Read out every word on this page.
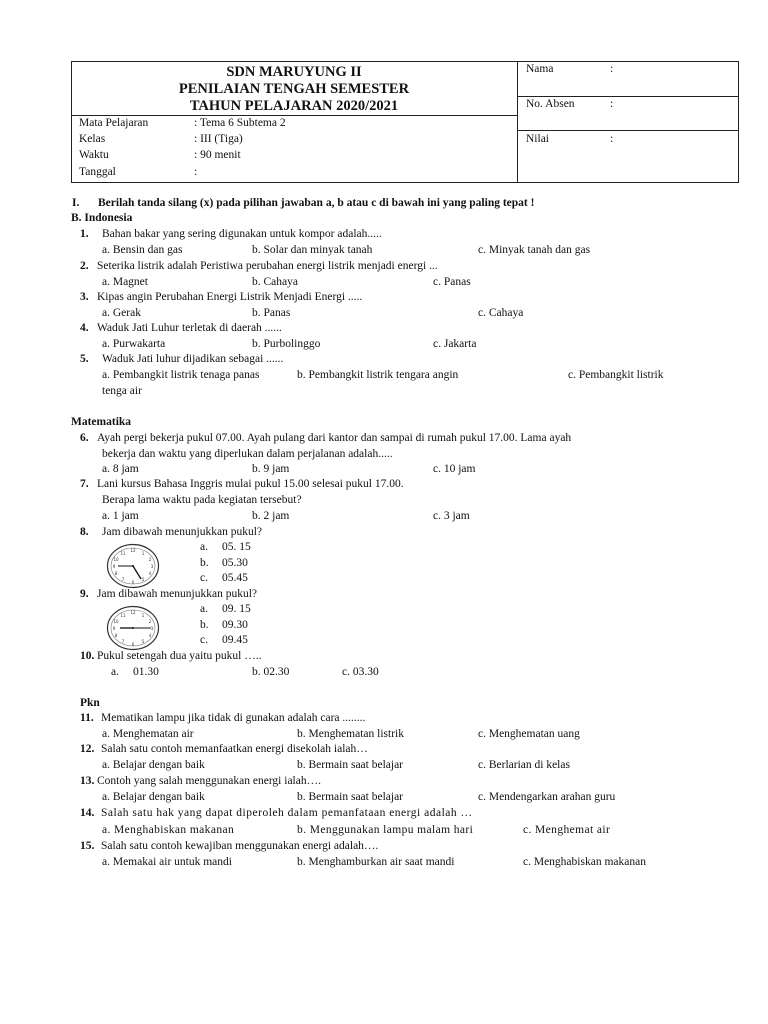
SDN MARUYUNG II
PENILAIAN TENGAH SEMESTER
TAHUN PELAJARAN 2020/2021
Mata Pelajaran	: Tema 6 Subtema 2
Kelas	: III (Tiga)
Waktu	: 90 menit
Tanggal	:
Nama	:
No. Absen	:
Nilai	:
I. Berilah tanda silang (x) pada pilihan jawaban a, b atau c di bawah ini yang paling tepat !
B. Indonesia
1. Bahan bakar yang sering digunakan untuk kompor adalah.....
a. Bensin dan gas	b. Solar dan minyak tanah	c. Minyak tanah dan gas
2. Seterika listrik adalah Peristiwa perubahan energi listrik menjadi energi ...
a. Magnet	b. Cahaya	c. Panas
3. Kipas angin Perubahan Energi Listrik Menjadi Energi .....
a. Gerak	b. Panas	c. Cahaya
4. Waduk Jati Luhur terletak di daerah ......
a. Purwakarta	b. Purbolinggo	c. Jakarta
5. Waduk Jati luhur dijadikan sebagai ......
a. Pembangkit listrik tenaga panas	b. Pembangkit listrik tengara angin	c. Pembangkit listrik
tenga air
Matematika
6. Ayah pergi bekerja pukul 07.00. Ayah pulang dari kantor dan sampai di rumah pukul 17.00. Lama ayah
bekerja dan waktu yang diperlukan dalam perjalanan adalah.....
a. 8 jam	b. 9 jam	c. 10 jam
7. Lani kursus Bahasa Inggris mulai pukul 15.00 selesai pukul 17.00.
Berapa lama waktu pada kegiatan tersebut?
a. 1 jam	b. 2 jam	c. 3 jam
8. Jam dibawah menunjukkan pukul?
12
1
2
3
4
5
6
7
8
9
10
11
a. 05. 15
b. 05.30
c. 05.45
9. Jam dibawah menunjukkan pukul?
12
1
2
3
4
5
6
7
8
9
10
11
a. 09. 15
b. 09.30
c. 09.45
10. Pukul setengah dua yaitu pukul …..
a. 01.30	b. 02.30	c. 03.30
Pkn
11. Mematikan lampu jika tidak di gunakan adalah cara ........
a. Menghematan air	b. Menghematan listrik	c. Menghematan uang
12. Salah satu contoh memanfaatkan energi disekolah ialah…
a. Belajar dengan baik	b. Bermain saat belajar	c. Berlarian di kelas
13. Contoh yang salah menggunakan energi ialah….
a. Belajar dengan baik	b. Bermain saat belajar	c. Mendengarkan arahan guru
14. Salah satu hak yang dapat diperoleh dalam pemanfataan energi adalah …
a. Menghabiskan makanan	b. Menggunakan lampu malam hari	c. Menghemat air
15. Salah satu contoh kewajiban menggunakan energi adalah….
a. Memakai air untuk mandi	b. Menghamburkan air saat mandi	c. Menghabiskan makanan
